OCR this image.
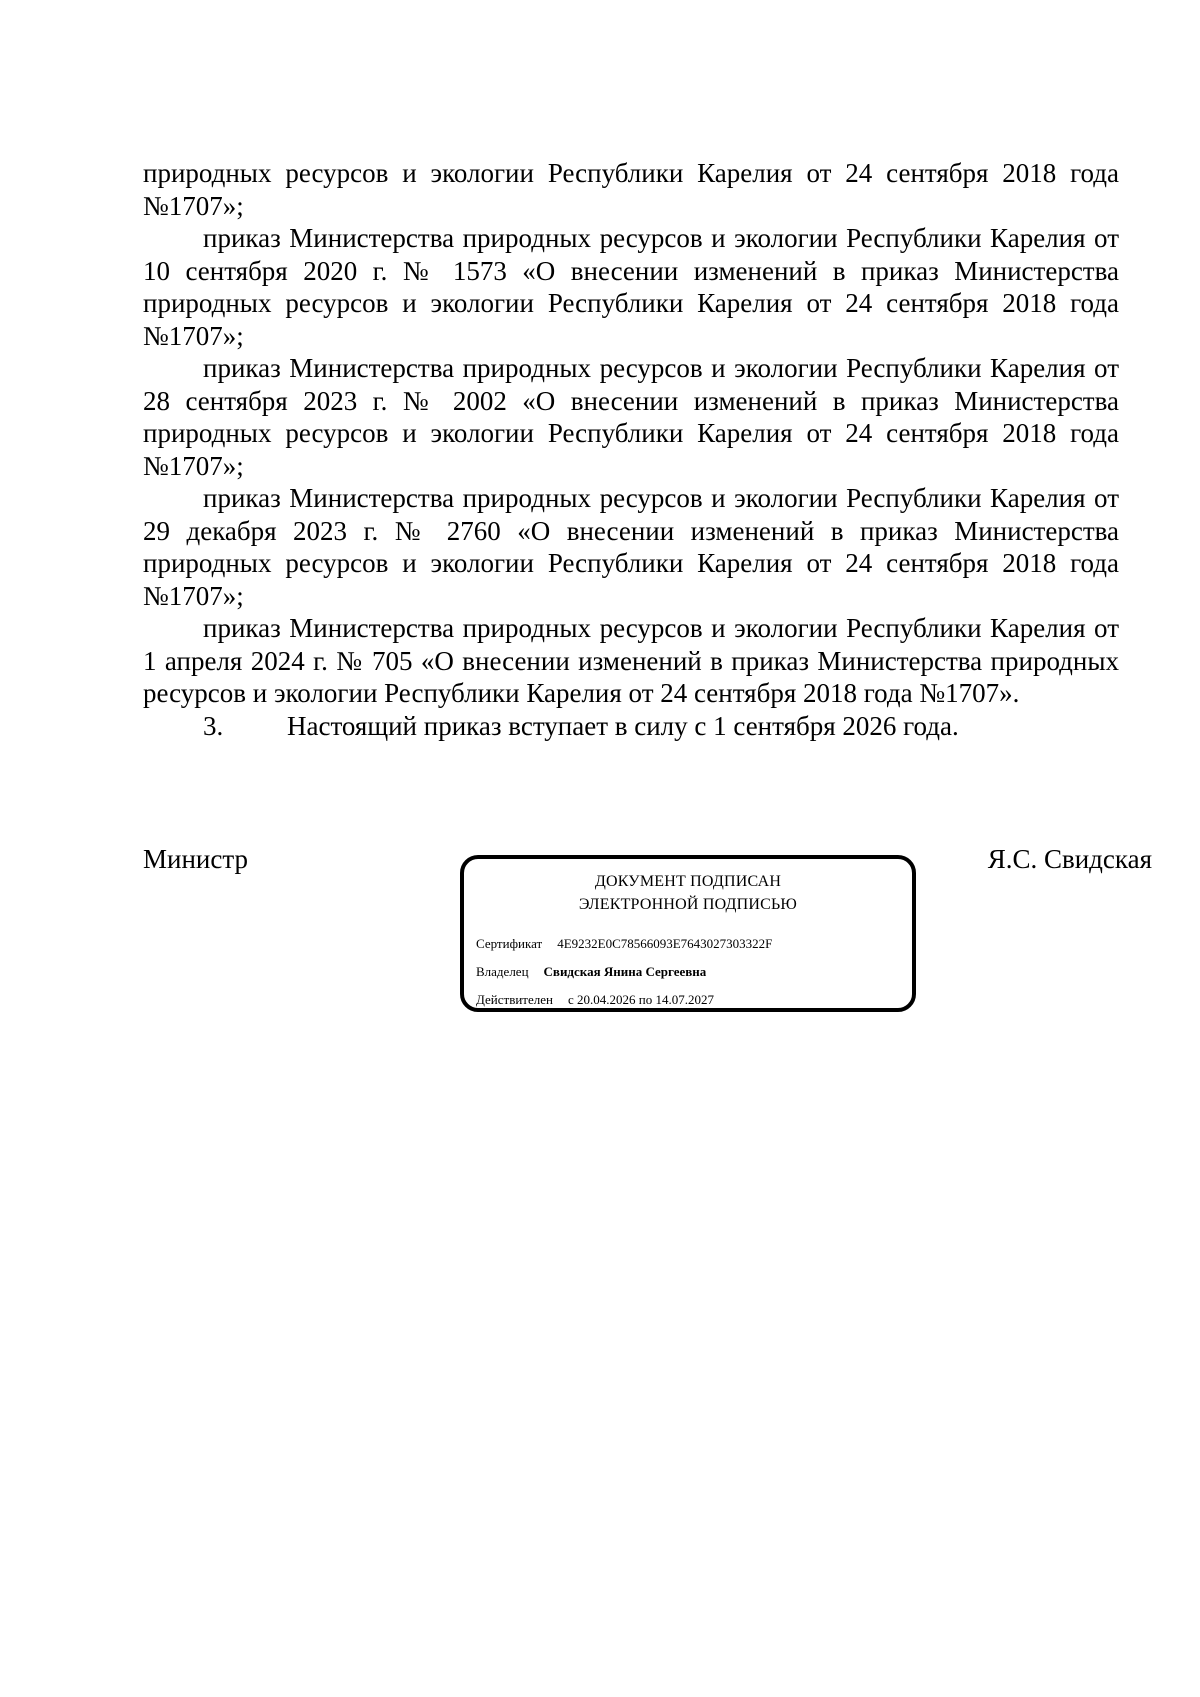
природных ресурсов и экологии Республики Карелия от 24 сентября 2018 года №1707»;

приказ Министерства природных ресурсов и экологии Республики Карелия от 10 сентября 2020 г. № 1573 «О внесении изменений в приказ Министерства природных ресурсов и экологии Республики Карелия от 24 сентября 2018 года №1707»;

приказ Министерства природных ресурсов и экологии Республики Карелия от 28 сентября 2023 г. № 2002 «О внесении изменений в приказ Министерства природных ресурсов и экологии Республики Карелия от 24 сентября 2018 года №1707»;

приказ Министерства природных ресурсов и экологии Республики Карелия от 29 декабря 2023 г. № 2760 «О внесении изменений в приказ Министерства природных ресурсов и экологии Республики Карелия от 24 сентября 2018 года №1707»;

приказ Министерства природных ресурсов и экологии Республики Карелия от 1 апреля 2024 г. № 705 «О внесении изменений в приказ Министерства природных ресурсов и экологии Республики Карелия от 24 сентября 2018 года №1707».

3. Настоящий приказ вступает в силу с 1 сентября 2026 года.

Министр	Я.С. Свидская
ДОКУМЕНТ ПОДПИСАН
ЭЛЕКТРОННОЙ ПОДПИСЬЮ
Сертификат 4E9232E0C78566093E7643027303322F
Владелец Свидская Янина Сергеевна
Действителен с 20.04.2026 по 14.07.2027
